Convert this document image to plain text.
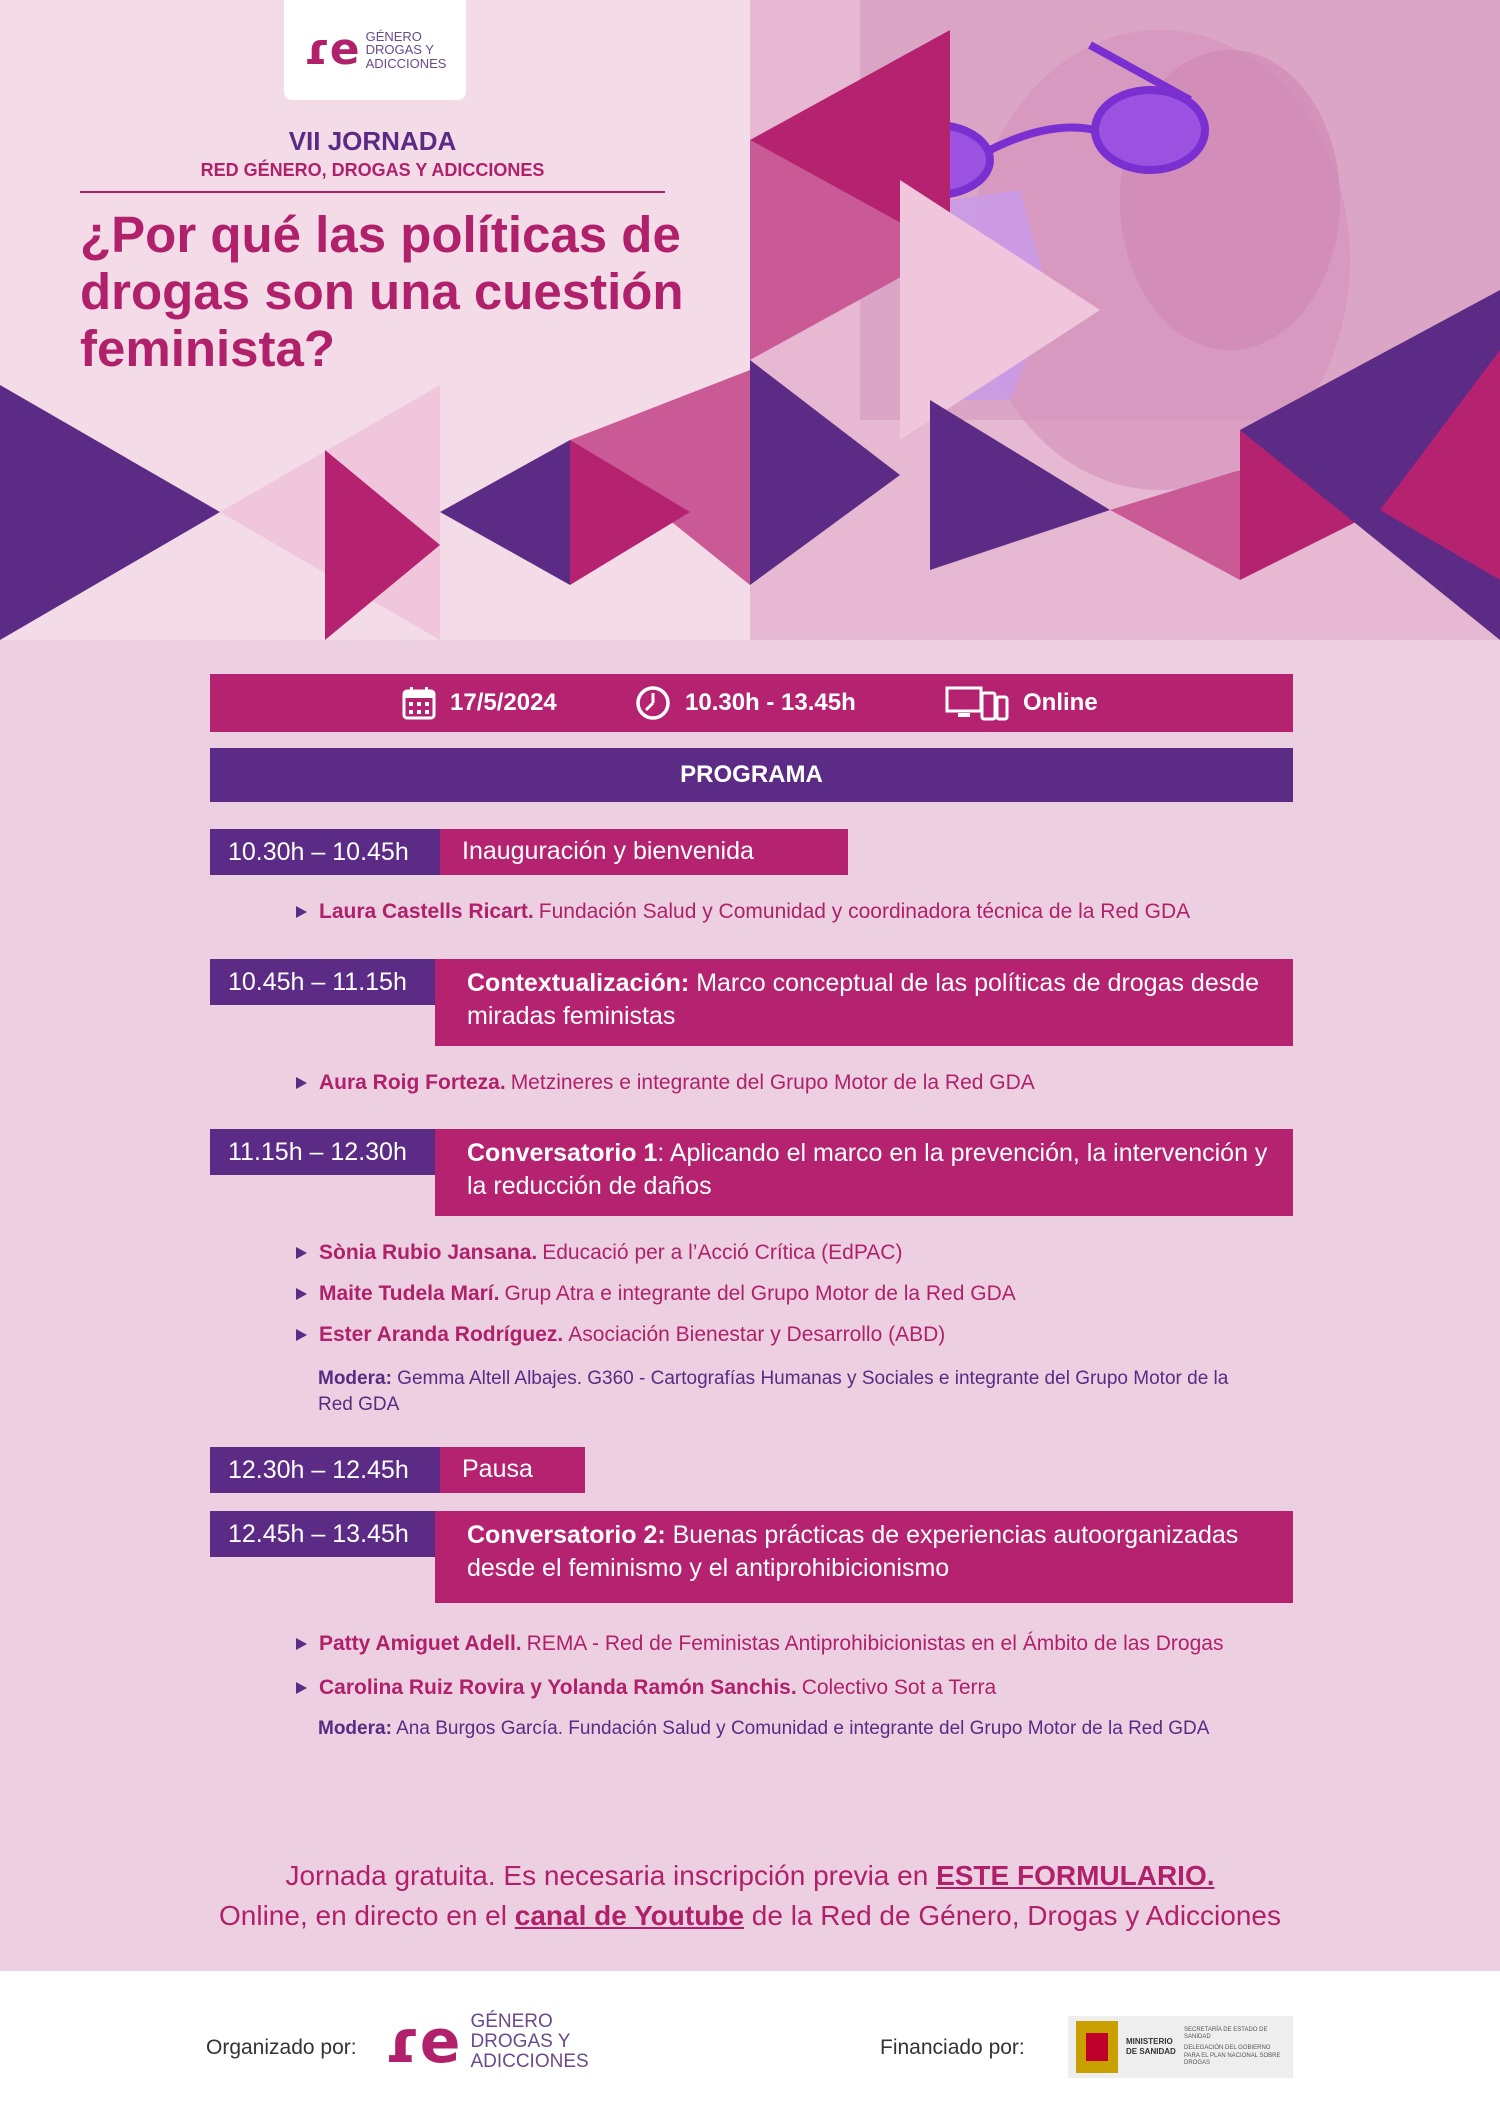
ɾe GÉNERO
DROGAS Y
ADICCIONES
VII JORNADA
RED GÉNERO, DROGAS Y ADICCIONES
¿Por qué las políticas de drogas son una cuestión feminista?
17/5/2024	10.30h - 13.45h	Online
PROGRAMA
10.30h – 10.45h	Inauguración y bienvenida
Laura Castells Ricart. Fundación Salud y Comunidad y coordinadora técnica de la Red GDA
10.45h – 11.15h	Contextualización: Marco conceptual de las políticas de drogas desde miradas feministas
Aura Roig Forteza. Metzineres e integrante del Grupo Motor de la Red GDA
11.15h – 12.30h	Conversatorio 1: Aplicando el marco en la prevención, la intervención y la reducción de daños
Sònia Rubio Jansana. Educació per a l’Acció Crítica (EdPAC)
Maite Tudela Marí. Grup Atra e integrante del Grupo Motor de la Red GDA
Ester Aranda Rodríguez. Asociación Bienestar y Desarrollo (ABD)
Modera: Gemma Altell Albajes. G360 - Cartografías Humanas y Sociales e integrante del Grupo Motor de la Red GDA
12.30h – 12.45h	Pausa
12.45h – 13.45h	Conversatorio 2: Buenas prácticas de experiencias autoorganizadas desde el feminismo y el antiprohibicionismo
Patty Amiguet Adell. REMA - Red de Feministas Antiprohibicionistas en el Ámbito de las Drogas
Carolina Ruiz Rovira y Yolanda Ramón Sanchis. Colectivo Sot a Terra
Modera: Ana Burgos García. Fundación Salud y Comunidad e integrante del Grupo Motor de la Red GDA
Jornada gratuita. Es necesaria inscripción previa en ESTE FORMULARIO.
Online, en directo en el canal de Youtube de la Red de Género, Drogas y Adicciones
Organizado por: ɾe GÉNERO
DROGAS Y
ADICCIONES
Financiado por:	MINISTERIO DE SANIDAD
SECRETARÍA DE ESTADO DE SANIDAD
DELEGACIÓN DEL GOBIERNO PARA EL PLAN NACIONAL SOBRE DROGAS
